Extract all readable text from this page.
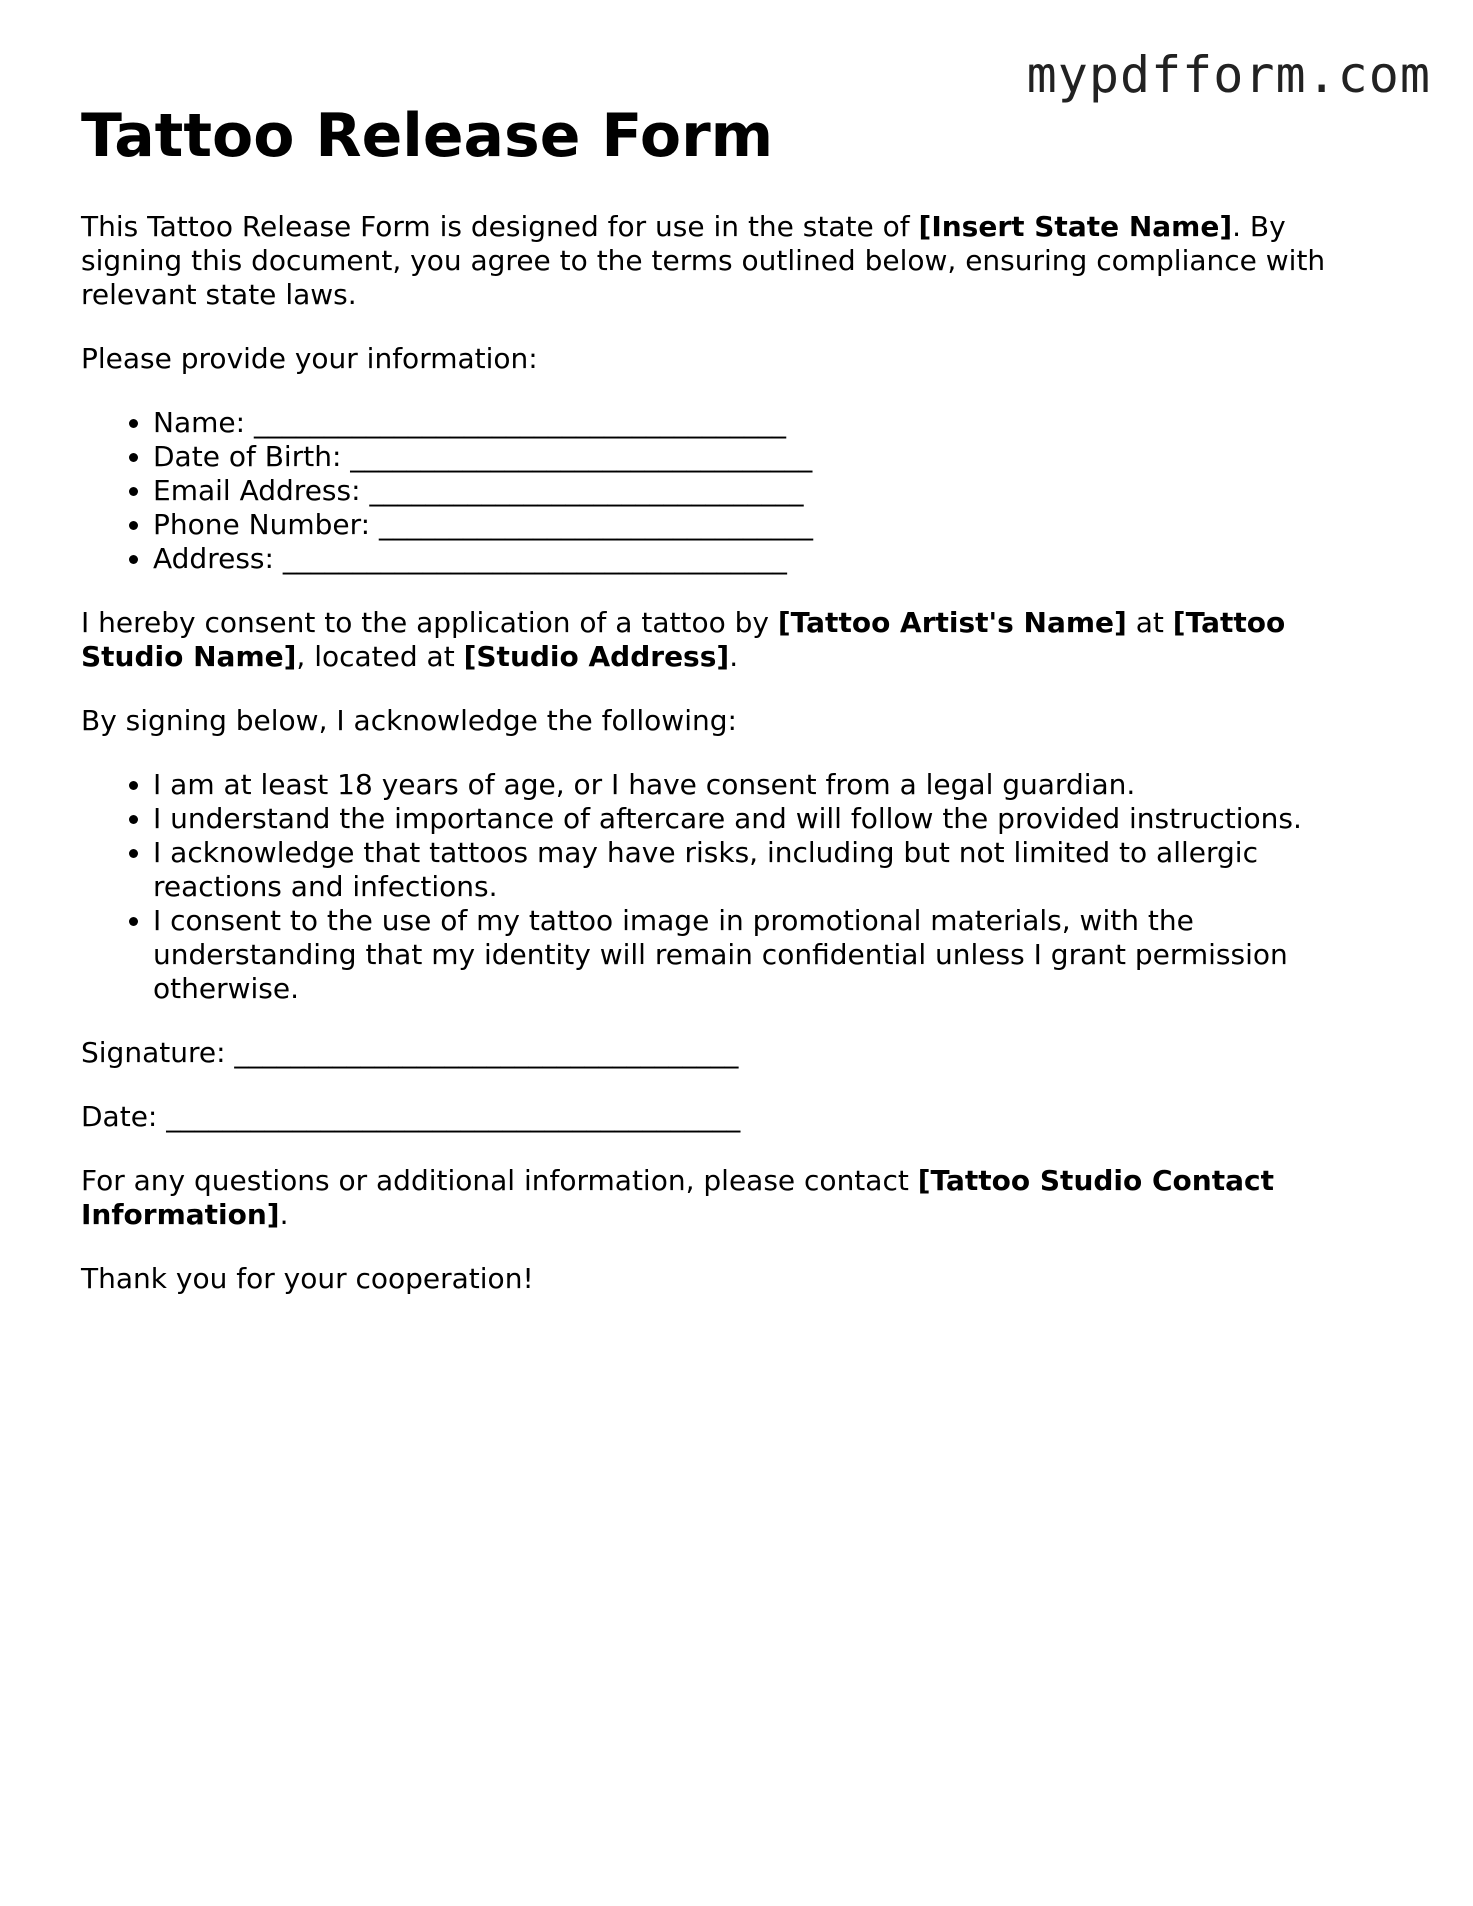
mypdfform.com
Tattoo Release Form

This Tattoo Release Form is designed for use in the state of [Insert State Name]. By signing this document, you agree to the terms outlined below, ensuring compliance with relevant state laws.

Please provide your information:

• Name: ______________________________________
• Date of Birth: _________________________________
• Email Address: _______________________________
• Phone Number: _______________________________
• Address: ____________________________________

I hereby consent to the application of a tattoo by [Tattoo Artist's Name] at [Tattoo Studio Name], located at [Studio Address].

By signing below, I acknowledge the following:

• I am at least 18 years of age, or I have consent from a legal guardian.
• I understand the importance of aftercare and will follow the provided instructions.
• I acknowledge that tattoos may have risks, including but not limited to allergic reactions and infections.
• I consent to the use of my tattoo image in promotional materials, with the understanding that my identity will remain confidential unless I grant permission otherwise.

Signature: ____________________________________

Date: _________________________________________

For any questions or additional information, please contact [Tattoo Studio Contact Information].

Thank you for your cooperation!
